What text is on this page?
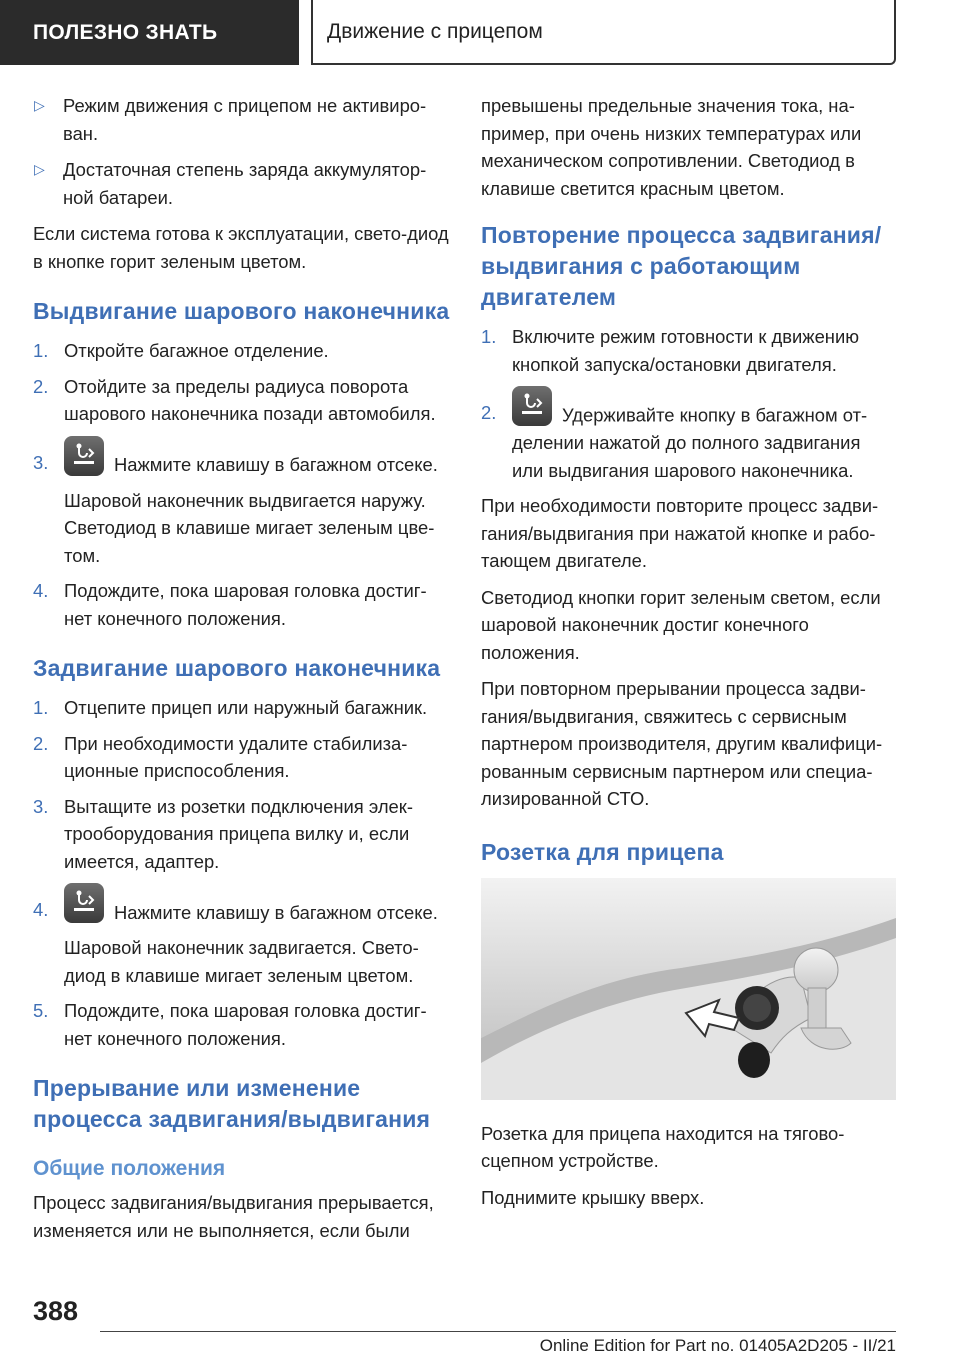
ПОЛЕЗНО ЗНАТЬ	Движение с прицепом
▷ Режим движения с прицепом не активиро-ван.
▷ Достаточная степень заряда аккумулятор-ной батареи.
Если система готова к эксплуатации, свето-диод в кнопке горит зеленым цветом.
Выдвигание шарового наконечника
1. Откройте багажное отделение.
2. Отойдите за пределы радиуса поворота шарового наконечника позади автомобиля.
3.	Нажмите клавишу в багажном отсеке.
Шаровой наконечник выдвигается наружу. Светодиод в клавише мигает зеленым цве-том.
4. Подождите, пока шаровая головка достиг-нет конечного положения.
Задвигание шарового наконечника
1. Отцепите прицеп или наружный багажник.
2. При необходимости удалите стабилиза-ционные приспособления.
3. Вытащите из розетки подключения элек-трооборудования прицепа вилку и, если имеется, адаптер.
4.	Нажмите клавишу в багажном отсеке.
Шаровой наконечник задвигается. Свето-диод в клавише мигает зеленым цветом.
5. Подождите, пока шаровая головка достиг-нет конечного положения.
Прерывание или изменение процесса задвигания/выдвигания
Общие положения
Процесс задвигания/выдвигания прерывается, изменяется или не выполняется, если были
превышены предельные значения тока, на-пример, при очень низких температурах или механическом сопротивлении. Светодиод в клавише светится красным цветом.
Повторение процесса задвигания/выдвигания с работающим двигателем
1. Включите режим готовности к движению кнопкой запуска/остановки двигателя.
2.	Удерживайте кнопку в багажном от-делении нажатой до полного задвигания или выдвигания шарового наконечника.
При необходимости повторите процесс задви-гания/выдвигания при нажатой кнопке и рабо-тающем двигателе.
Светодиод кнопки горит зеленым светом, если шаровой наконечник достиг конечного положения.
При повторном прерывании процесса задви-гания/выдвигания, свяжитесь с сервисным партнером производителя, другим квалифици-рованным сервисным партнером или специа-лизированной СТО.
Розетка для прицепа
Розетка для прицепа находится на тягово-сцепном устройстве.
Поднимите крышку вверх.
388
Online Edition for Part no. 01405A2D205 - II/21
